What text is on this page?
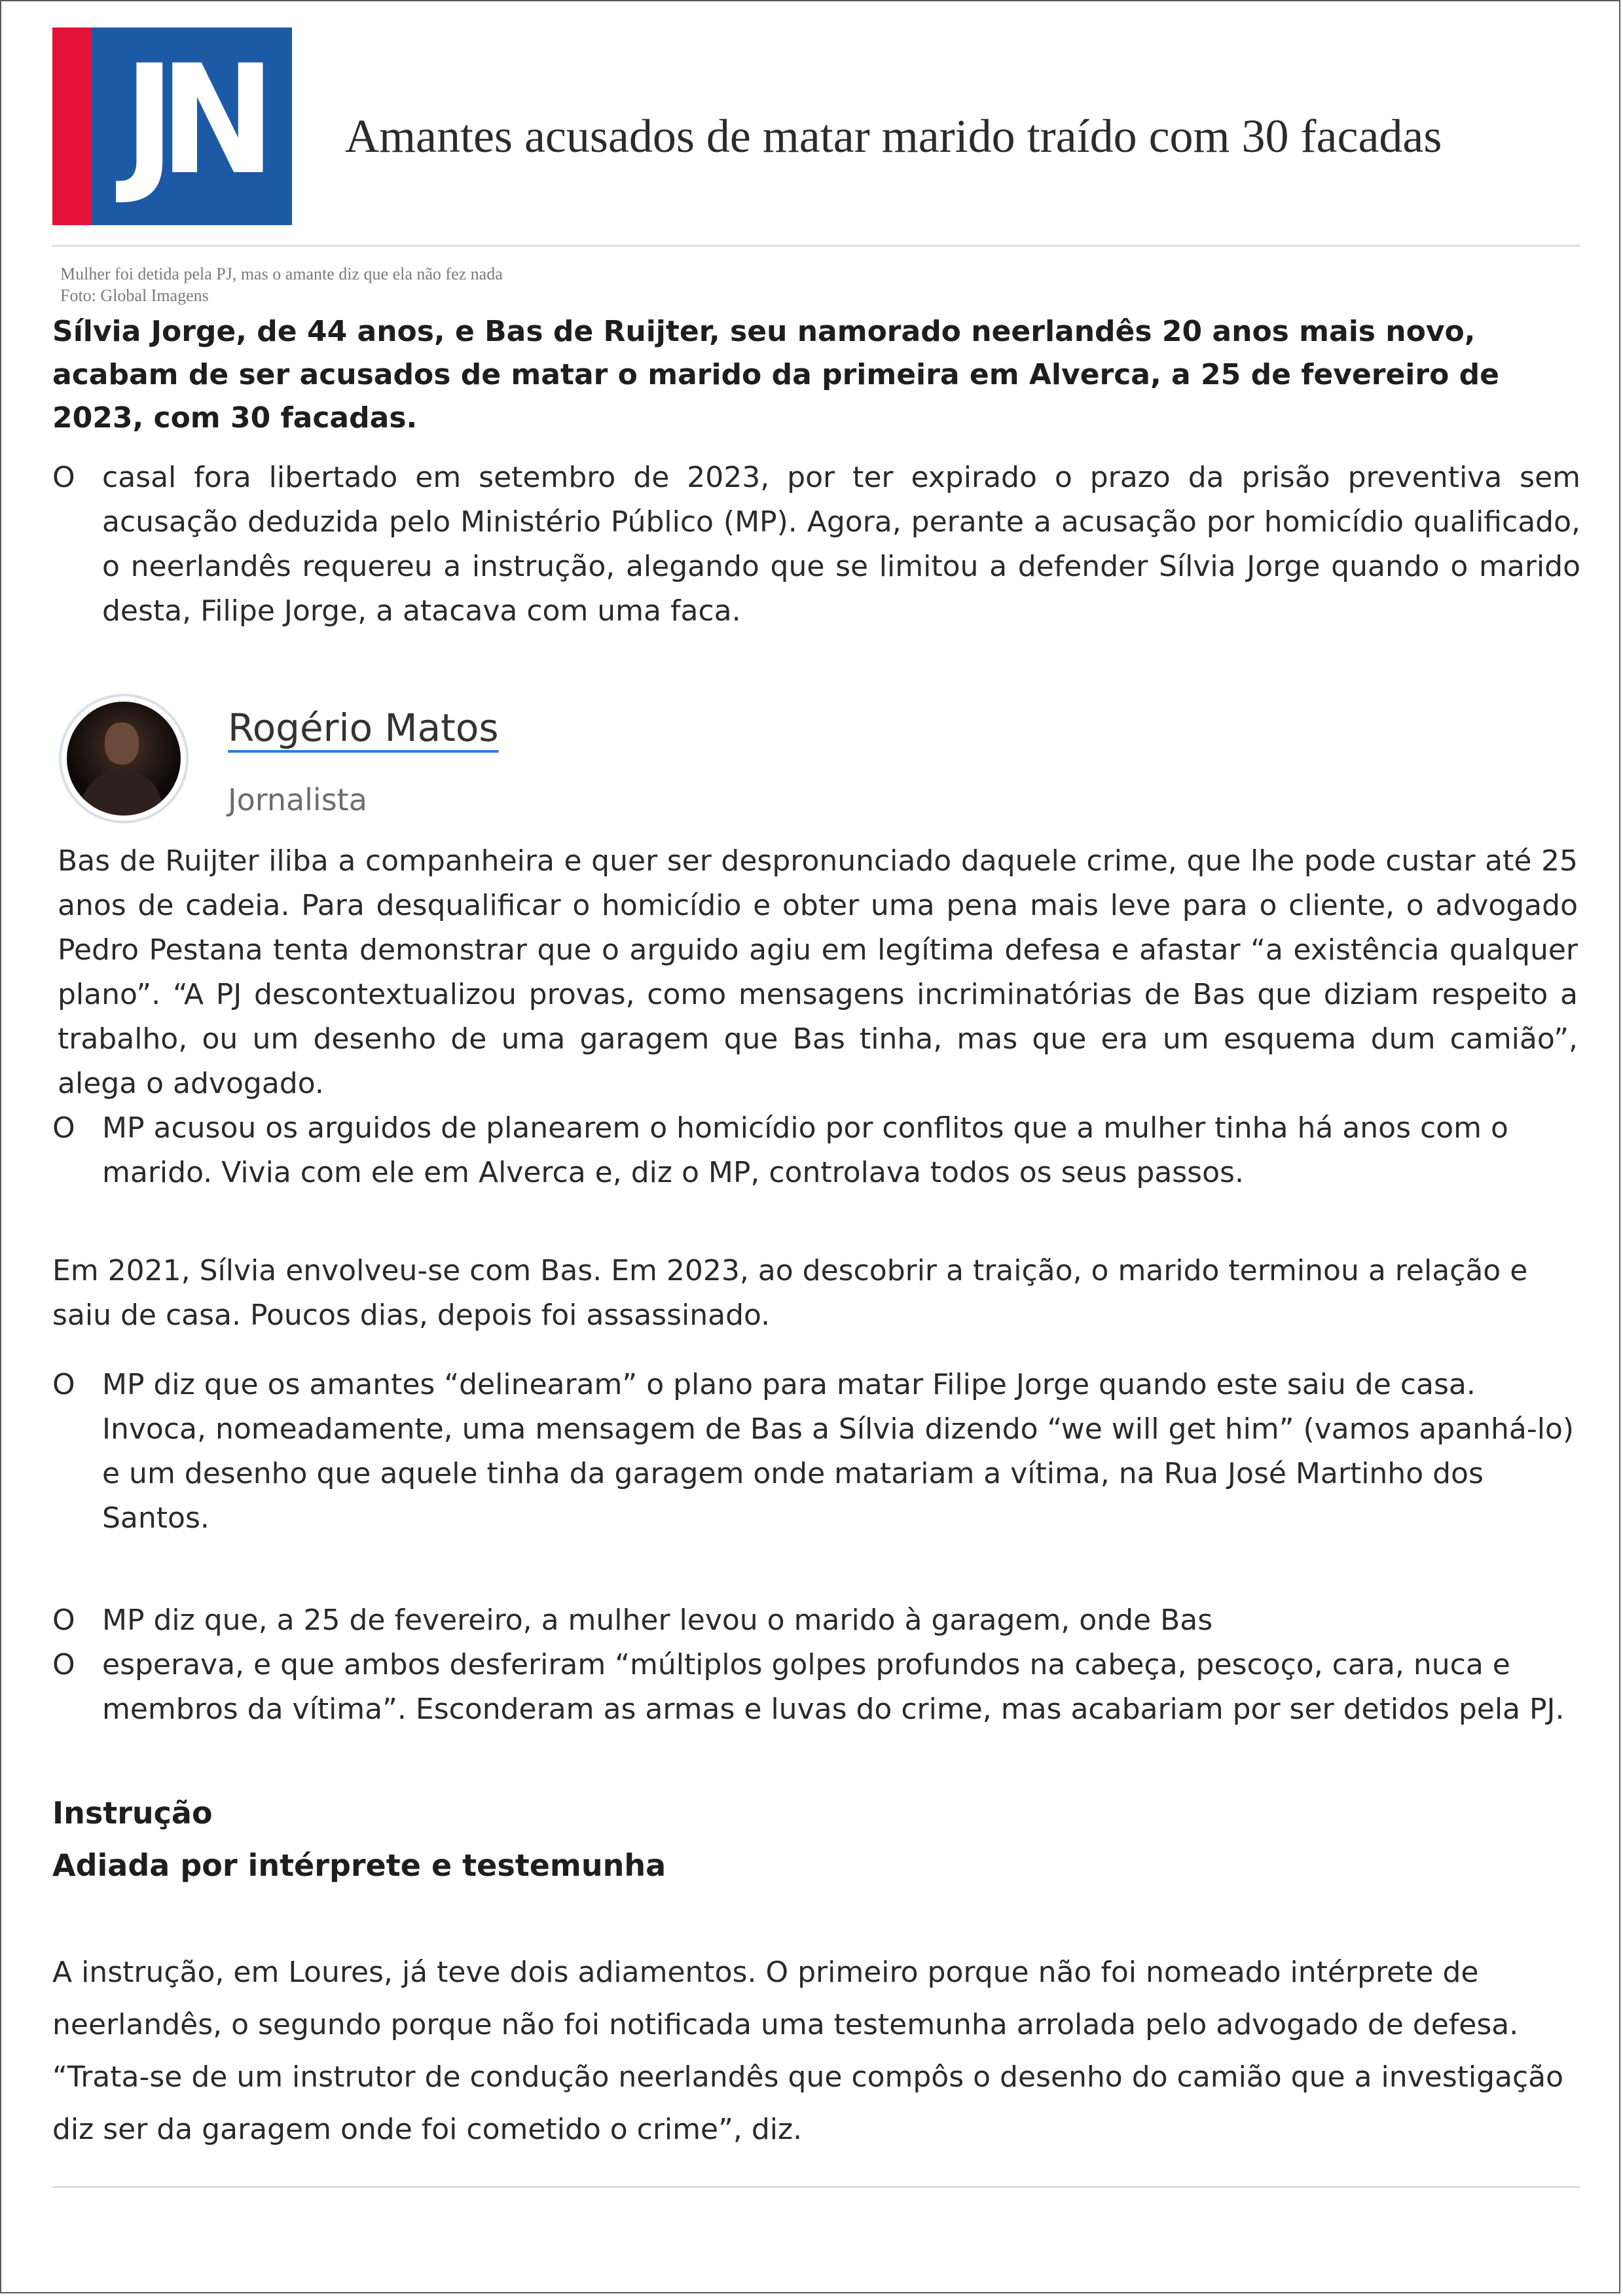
JN	Amantes acusados de matar marido traído com 30 facadas
Mulher foi detida pela PJ, mas o amante diz que ela não fez nada
Foto: Global Imagens
Sílvia Jorge, de 44 anos, e Bas de Ruijter, seu namorado neerlandês 20 anos mais novo, acabam de ser acusados de matar o marido da primeira em Alverca, a 25 de fevereiro de 2023, com 30 facadas.
O casal fora libertado em setembro de 2023, por ter expirado o prazo da prisão preventiva sem acusação deduzida pelo Ministério Público (MP). Agora, perante a acusação por homicídio qualificado, o neerlandês requereu a instrução, alegando que se limitou a defender Sílvia Jorge quando o marido desta, Filipe Jorge, a atacava com uma faca.
Rogério Matos
Jornalista
Bas de Ruijter iliba a companheira e quer ser despronunciado daquele crime, que lhe pode custar até 25 anos de cadeia. Para desqualificar o homicídio e obter uma pena mais leve para o cliente, o advogado Pedro Pestana tenta demonstrar que o arguido agiu em legítima defesa e afastar “a existência qualquer plano”. “A PJ descontextualizou provas, como mensagens incriminatórias de Bas que diziam respeito a trabalho, ou um desenho de uma garagem que Bas tinha, mas que era um esquema dum camião”, alega o advogado.
O MP acusou os arguidos de planearem o homicídio por conflitos que a mulher tinha há anos com o marido. Vivia com ele em Alverca e, diz o MP, controlava todos os seus passos.
Em 2021, Sílvia envolveu-se com Bas. Em 2023, ao descobrir a traição, o marido terminou a relação e saiu de casa. Poucos dias, depois foi assassinado.
O MP diz que os amantes “delinearam” o plano para matar Filipe Jorge quando este saiu de casa. Invoca, nomeadamente, uma mensagem de Bas a Sílvia dizendo “we will get him” (vamos apanhá-lo) e um desenho que aquele tinha da garagem onde matariam a vítima, na Rua José Martinho dos Santos.
O MP diz que, a 25 de fevereiro, a mulher levou o marido à garagem, onde Bas
O esperava, e que ambos desferiram “múltiplos golpes profundos na cabeça, pescoço, cara, nuca e membros da vítima”. Esconderam as armas e luvas do crime, mas acabariam por ser detidos pela PJ.
Instrução
Adiada por intérprete e testemunha
A instrução, em Loures, já teve dois adiamentos. O primeiro porque não foi nomeado intérprete de neerlandês, o segundo porque não foi notificada uma testemunha arrolada pelo advogado de defesa. “Trata-se de um instrutor de condução neerlandês que compôs o desenho do camião que a investigação diz ser da garagem onde foi cometido o crime”, diz.
